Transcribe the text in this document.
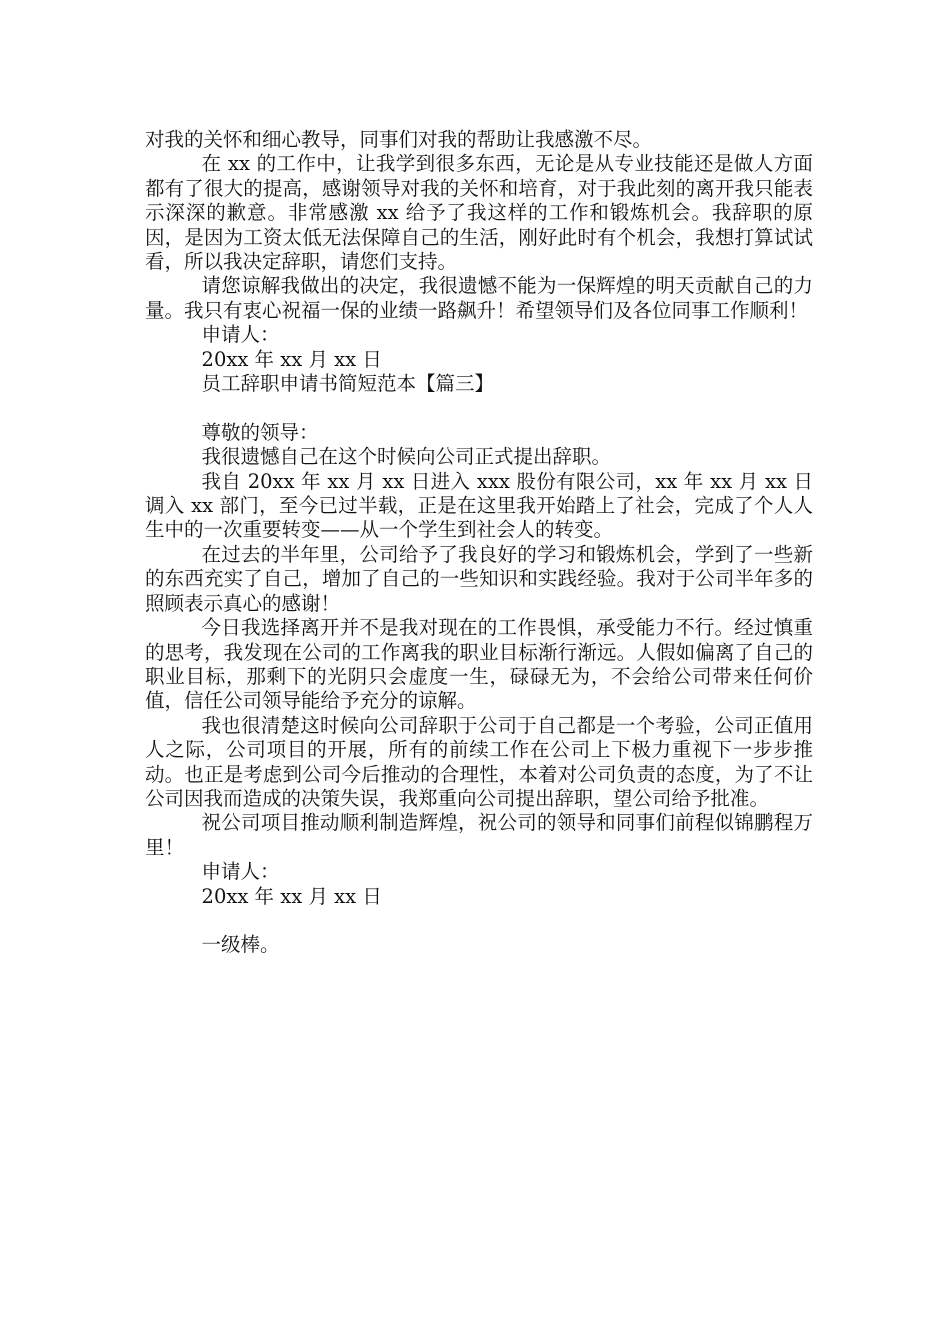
对我的关怀和细心教导，同事们对我的帮助让我感激不尽。

在 xx 的工作中，让我学到很多东西，无论是从专业技能还是做人方面都有了很大的提高，感谢领导对我的关怀和培育，对于我此刻的离开我只能表示深深的歉意。非常感激 xx 给予了我这样的工作和锻炼机会。我辞职的原因，是因为工资太低无法保障自己的生活，刚好此时有个机会，我想打算试试看，所以我决定辞职，请您们支持。

请您谅解我做出的决定，我很遗憾不能为一保辉煌的明天贡献自己的力量。我只有衷心祝福一保的业绩一路飙升！希望领导们及各位同事工作顺利！

申请人：

20xx 年 xx 月 xx 日

员工辞职申请书简短范本【篇三】

尊敬的领导：

我很遗憾自己在这个时候向公司正式提出辞职。

我自 20xx 年 xx 月 xx 日进入 xxx 股份有限公司，xx 年 xx 月 xx 日调入 xx 部门，至今已过半载，正是在这里我开始踏上了社会，完成了个人人生中的一次重要转变——从一个学生到社会人的转变。

在过去的半年里，公司给予了我良好的学习和锻炼机会，学到了一些新的东西充实了自己，增加了自己的一些知识和实践经验。我对于公司半年多的照顾表示真心的感谢！

今日我选择离开并不是我对现在的工作畏惧，承受能力不行。经过慎重的思考，我发现在公司的工作离我的职业目标渐行渐远。人假如偏离了自己的职业目标，那剩下的光阴只会虚度一生，碌碌无为，不会给公司带来任何价值，信任公司领导能给予充分的谅解。

我也很清楚这时候向公司辞职于公司于自己都是一个考验，公司正值用人之际，公司项目的开展，所有的前续工作在公司上下极力重视下一步步推动。也正是考虑到公司今后推动的合理性，本着对公司负责的态度，为了不让公司因我而造成的决策失误，我郑重向公司提出辞职，望公司给予批准。

祝公司项目推动顺利制造辉煌，祝公司的领导和同事们前程似锦鹏程万里！

申请人：

20xx 年 xx 月 xx 日

一级棒。
